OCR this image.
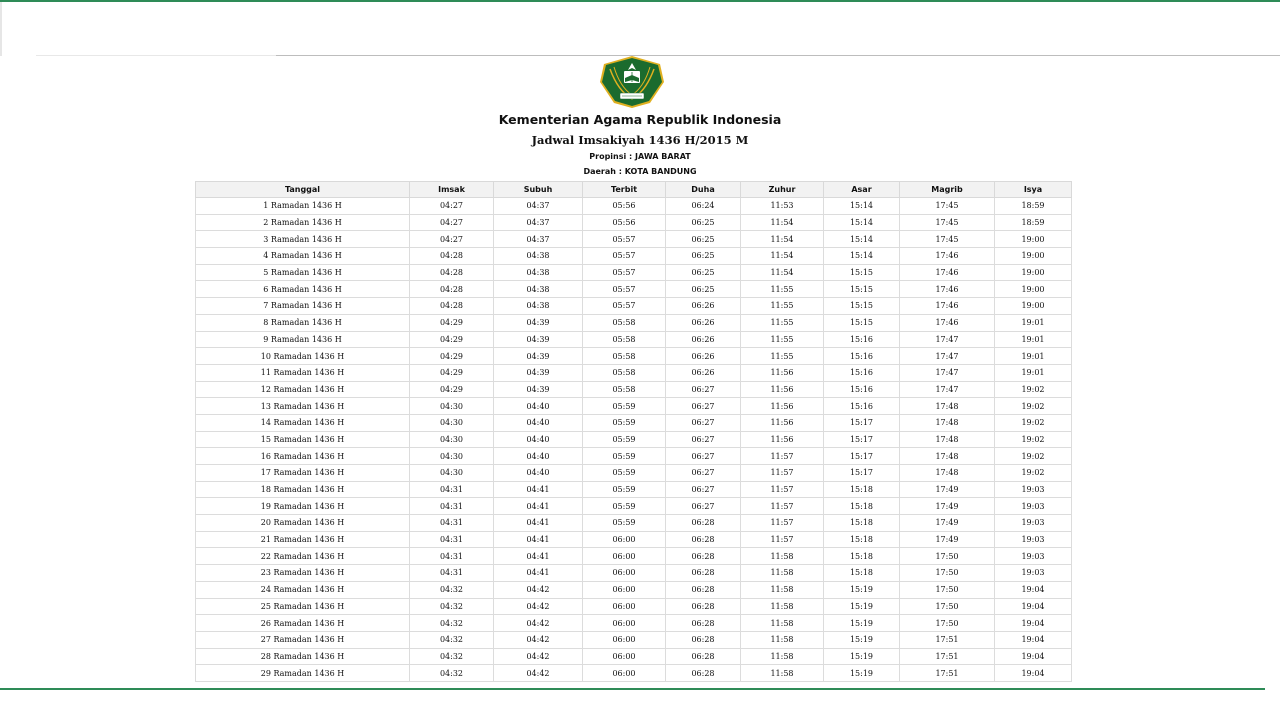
Kementerian Agama Republik Indonesia
Jadwal Imsakiyah 1436 H/2015 M
Propinsi : JAWA BARAT
Daerah : KOTA BANDUNG
Tanggal	Imsak	Subuh	Terbit	Duha	Zuhur	Asar	Magrib	Isya
1 Ramadan 1436 H	04:27	04:37	05:56	06:24	11:53	15:14	17:45	18:59
2 Ramadan 1436 H	04:27	04:37	05:56	06:25	11:54	15:14	17:45	18:59
3 Ramadan 1436 H	04:27	04:37	05:57	06:25	11:54	15:14	17:45	19:00
4 Ramadan 1436 H	04:28	04:38	05:57	06:25	11:54	15:14	17:46	19:00
5 Ramadan 1436 H	04:28	04:38	05:57	06:25	11:54	15:15	17:46	19:00
6 Ramadan 1436 H	04:28	04:38	05:57	06:25	11:55	15:15	17:46	19:00
7 Ramadan 1436 H	04:28	04:38	05:57	06:26	11:55	15:15	17:46	19:00
8 Ramadan 1436 H	04:29	04:39	05:58	06:26	11:55	15:15	17:46	19:01
9 Ramadan 1436 H	04:29	04:39	05:58	06:26	11:55	15:16	17:47	19:01
10 Ramadan 1436 H	04:29	04:39	05:58	06:26	11:55	15:16	17:47	19:01
11 Ramadan 1436 H	04:29	04:39	05:58	06:26	11:56	15:16	17:47	19:01
12 Ramadan 1436 H	04:29	04:39	05:58	06:27	11:56	15:16	17:47	19:02
13 Ramadan 1436 H	04:30	04:40	05:59	06:27	11:56	15:16	17:48	19:02
14 Ramadan 1436 H	04:30	04:40	05:59	06:27	11:56	15:17	17:48	19:02
15 Ramadan 1436 H	04:30	04:40	05:59	06:27	11:56	15:17	17:48	19:02
16 Ramadan 1436 H	04:30	04:40	05:59	06:27	11:57	15:17	17:48	19:02
17 Ramadan 1436 H	04:30	04:40	05:59	06:27	11:57	15:17	17:48	19:02
18 Ramadan 1436 H	04:31	04:41	05:59	06:27	11:57	15:18	17:49	19:03
19 Ramadan 1436 H	04:31	04:41	05:59	06:27	11:57	15:18	17:49	19:03
20 Ramadan 1436 H	04:31	04:41	05:59	06:28	11:57	15:18	17:49	19:03
21 Ramadan 1436 H	04:31	04:41	06:00	06:28	11:57	15:18	17:49	19:03
22 Ramadan 1436 H	04:31	04:41	06:00	06:28	11:58	15:18	17:50	19:03
23 Ramadan 1436 H	04:31	04:41	06:00	06:28	11:58	15:18	17:50	19:03
24 Ramadan 1436 H	04:32	04:42	06:00	06:28	11:58	15:19	17:50	19:04
25 Ramadan 1436 H	04:32	04:42	06:00	06:28	11:58	15:19	17:50	19:04
26 Ramadan 1436 H	04:32	04:42	06:00	06:28	11:58	15:19	17:50	19:04
27 Ramadan 1436 H	04:32	04:42	06:00	06:28	11:58	15:19	17:51	19:04
28 Ramadan 1436 H	04:32	04:42	06:00	06:28	11:58	15:19	17:51	19:04
29 Ramadan 1436 H	04:32	04:42	06:00	06:28	11:58	15:19	17:51	19:04
